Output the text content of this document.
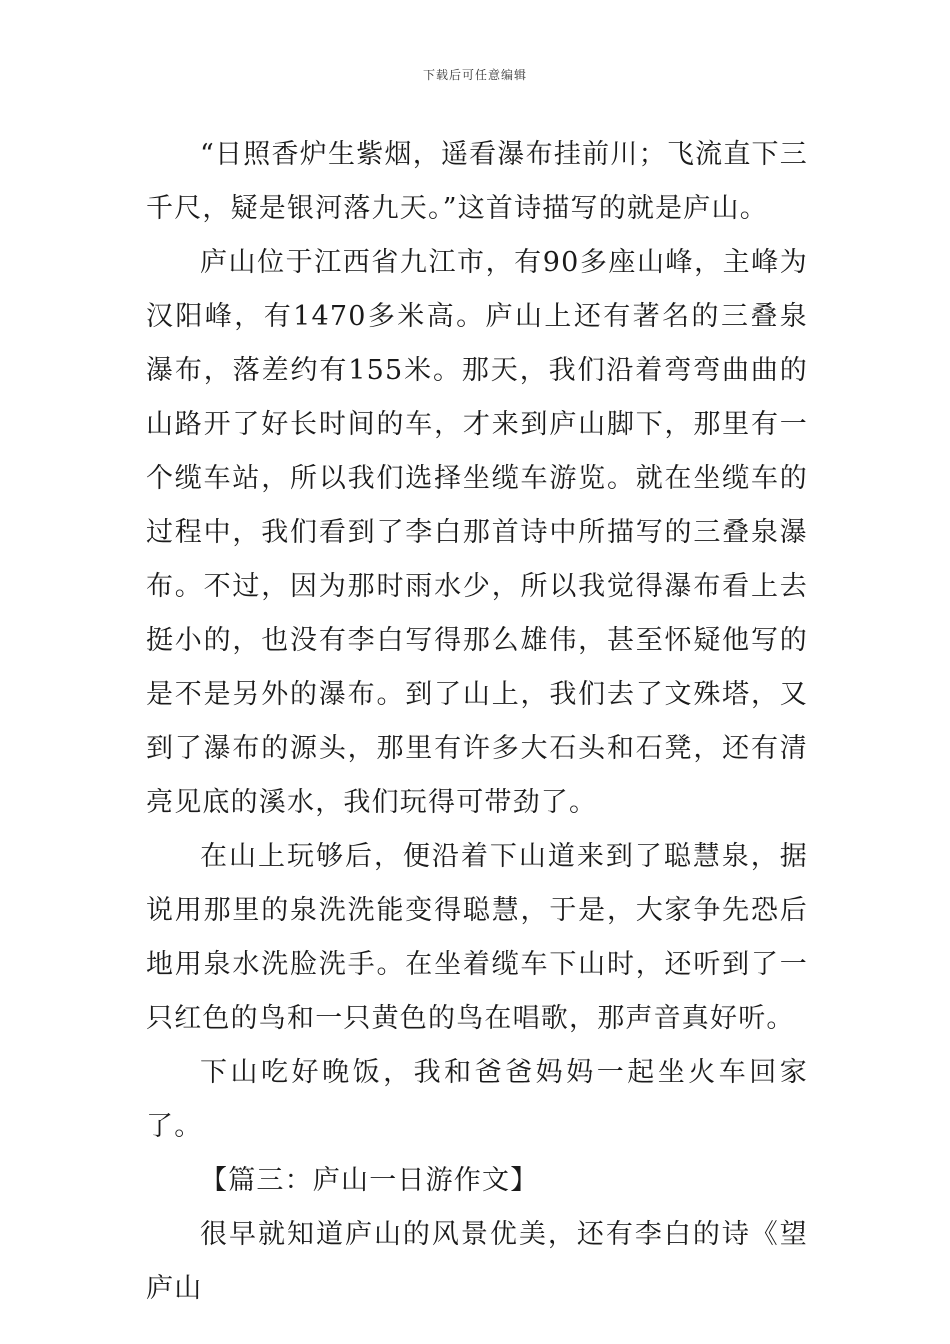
下载后可任意编辑

“日照香炉生紫烟，遥看瀑布挂前川；飞流直下三千尺，疑是银河落九天。”这首诗描写的就是庐山。

庐山位于江西省九江市，有90多座山峰，主峰为汉阳峰，有1470多米高。庐山上还有著名的三叠泉瀑布，落差约有155米。那天，我们沿着弯弯曲曲的山路开了好长时间的车，才来到庐山脚下，那里有一个缆车站，所以我们选择坐缆车游览。就在坐缆车的过程中，我们看到了李白那首诗中所描写的三叠泉瀑布。不过，因为那时雨水少，所以我觉得瀑布看上去挺小的，也没有李白写得那么雄伟，甚至怀疑他写的是不是另外的瀑布。到了山上，我们去了文殊塔，又到了瀑布的源头，那里有许多大石头和石凳，还有清亮见底的溪水，我们玩得可带劲了。

在山上玩够后，便沿着下山道来到了聪慧泉，据说用那里的泉洗洗能变得聪慧，于是，大家争先恐后地用泉水洗脸洗手。在坐着缆车下山时，还听到了一只红色的鸟和一只黄色的鸟在唱歌，那声音真好听。

下山吃好晚饭，我和爸爸妈妈一起坐火车回家了。

【篇三：庐山一日游作文】

很早就知道庐山的风景优美，还有李白的诗《望庐山
